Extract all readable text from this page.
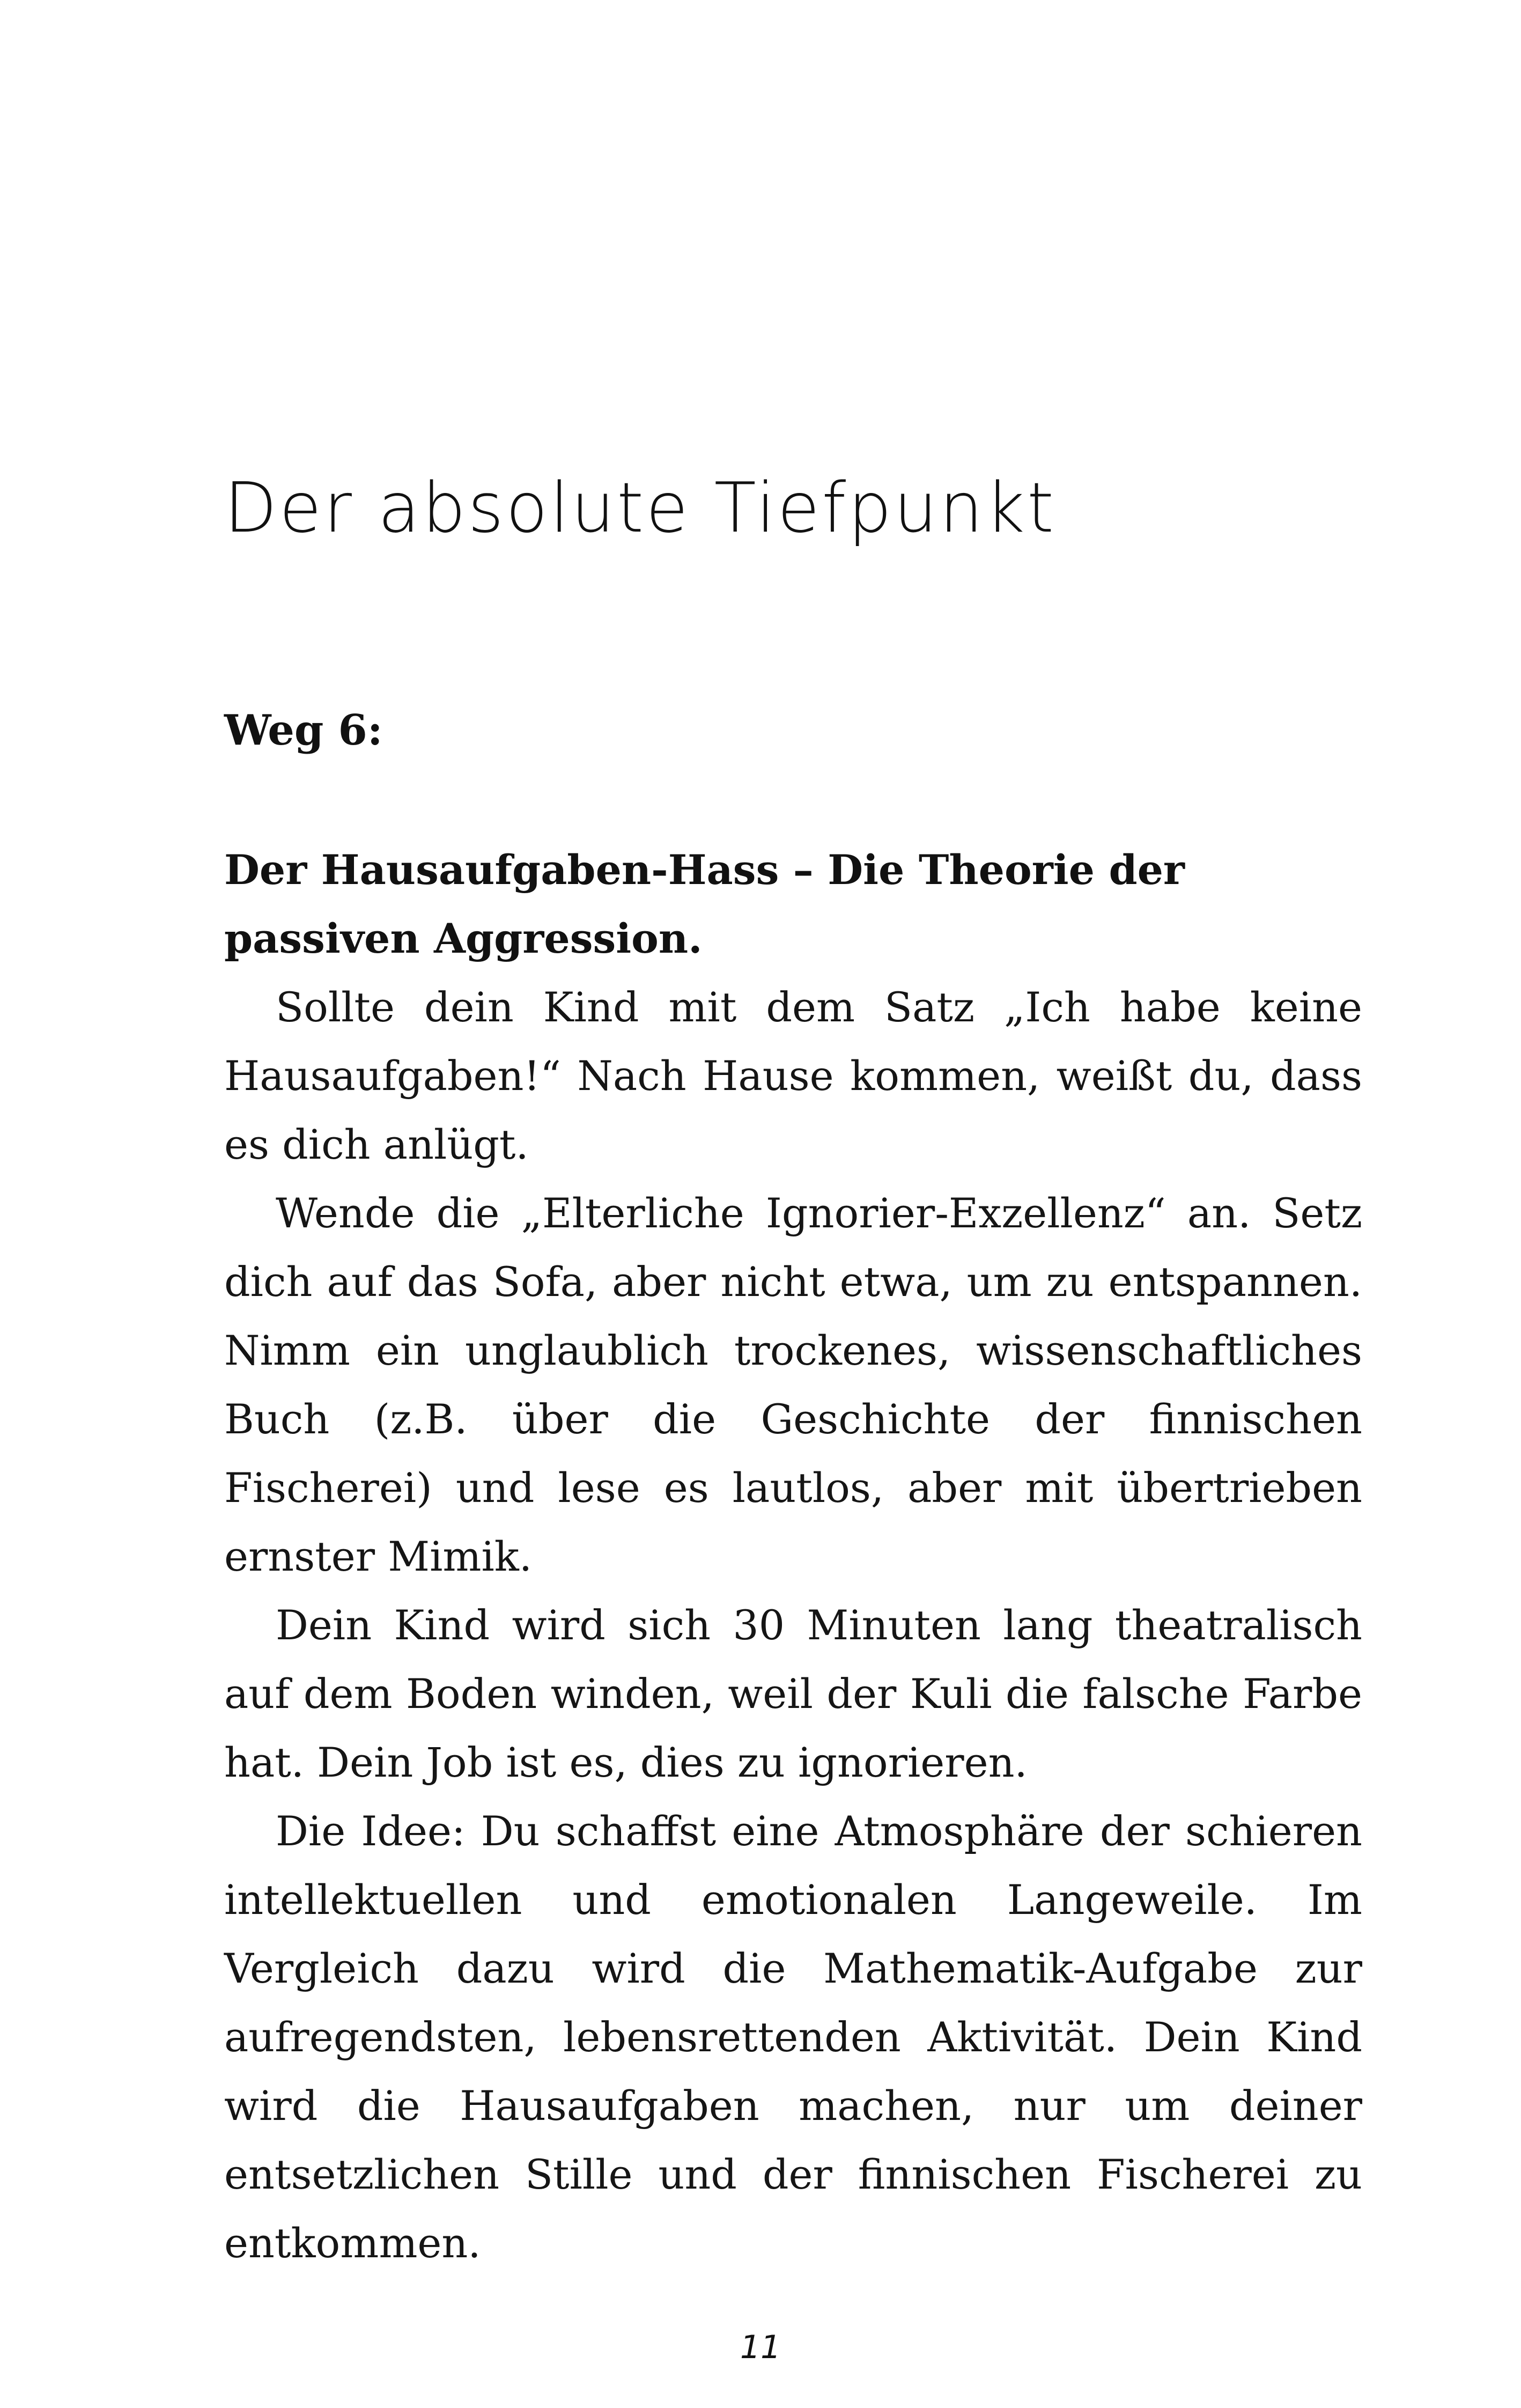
Der absolute Tiefpunkt
Weg 6:

Der Hausaufgaben-Hass – Die Theorie der passiven Aggression.

Sollte dein Kind mit dem Satz „Ich habe keine Hausaufgaben!“ Nach Hause kommen, weißt du, dass es dich anlügt.

Wende die „Elterliche Ignorier-Exzellenz“ an. Setz dich auf das Sofa, aber nicht etwa, um zu entspannen. Nimm ein unglaublich trockenes, wissenschaftliches Buch (z.B. über die Geschichte der finnischen Fischerei) und lese es lautlos, aber mit übertrieben ernster Mimik.

Dein Kind wird sich 30 Minuten lang theatralisch auf dem Boden winden, weil der Kuli die falsche Farbe hat. Dein Job ist es, dies zu ignorieren.

Die Idee: Du schaffst eine Atmosphäre der schieren intellektuellen und emotionalen Langeweile. Im Vergleich dazu wird die Mathematik-Aufgabe zur aufregendsten, lebensrettenden Aktivität. Dein Kind wird die Hausaufgaben machen, nur um deiner entsetzlichen Stille und der finnischen Fischerei zu entkommen.

11
